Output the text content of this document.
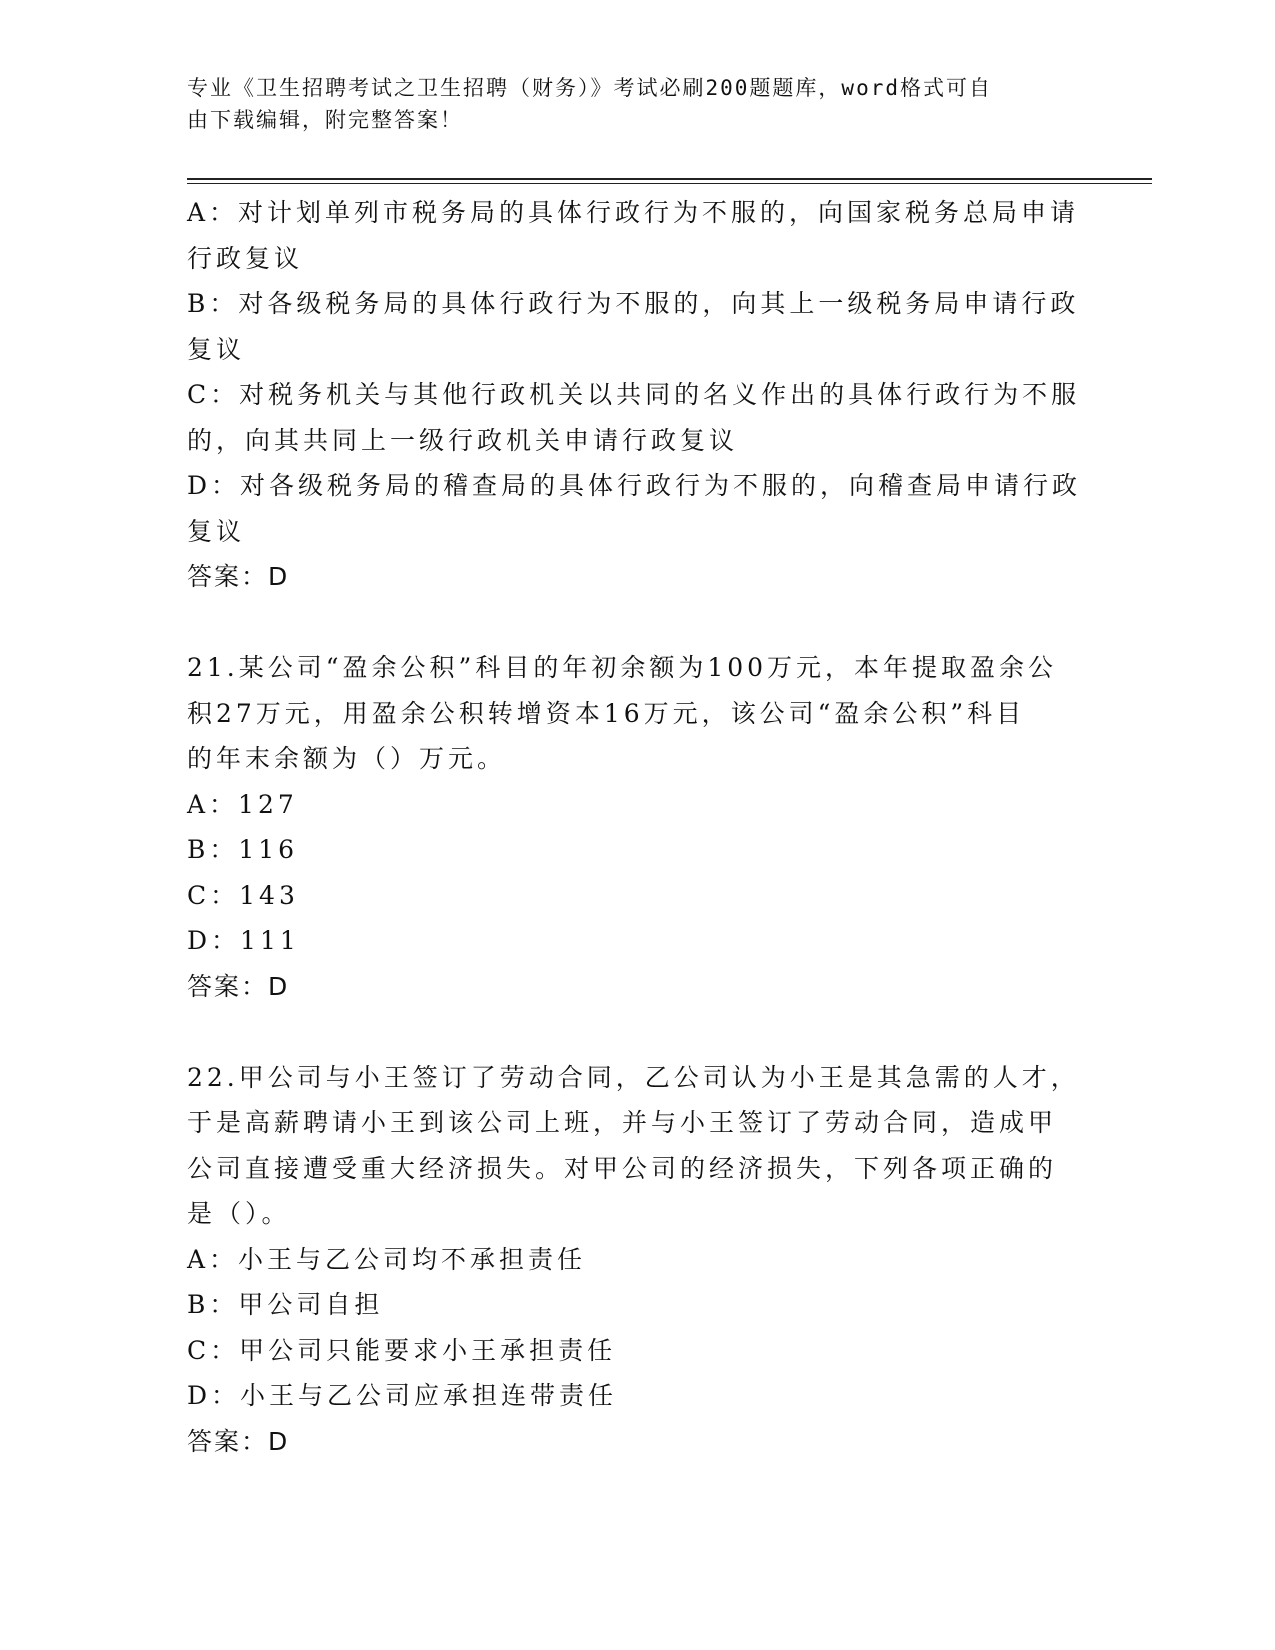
专业《卫生招聘考试之卫生招聘（财务）》考试必刷200题题库，word格式可自
由下载编辑，附完整答案！
A：对计划单列市税务局的具体行政行为不服的，向国家税务总局申请
行政复议
B：对各级税务局的具体行政行为不服的，向其上一级税务局申请行政
复议
C：对税务机关与其他行政机关以共同的名义作出的具体行政行为不服
的，向其共同上一级行政机关申请行政复议
D：对各级税务局的稽查局的具体行政行为不服的，向稽查局申请行政
复议
答案：D
21.某公司“盈余公积”科目的年初余额为100万元，本年提取盈余公
积27万元，用盈余公积转增资本16万元，该公司“盈余公积”科目
的年末余额为（）万元。
A：127
B：116
C：143
D：111
答案：D
22.甲公司与小王签订了劳动合同，乙公司认为小王是其急需的人才，
于是高薪聘请小王到该公司上班，并与小王签订了劳动合同，造成甲
公司直接遭受重大经济损失。对甲公司的经济损失，下列各项正确的
是（）。
A：小王与乙公司均不承担责任
B：甲公司自担
C：甲公司只能要求小王承担责任
D：小王与乙公司应承担连带责任
答案：D
